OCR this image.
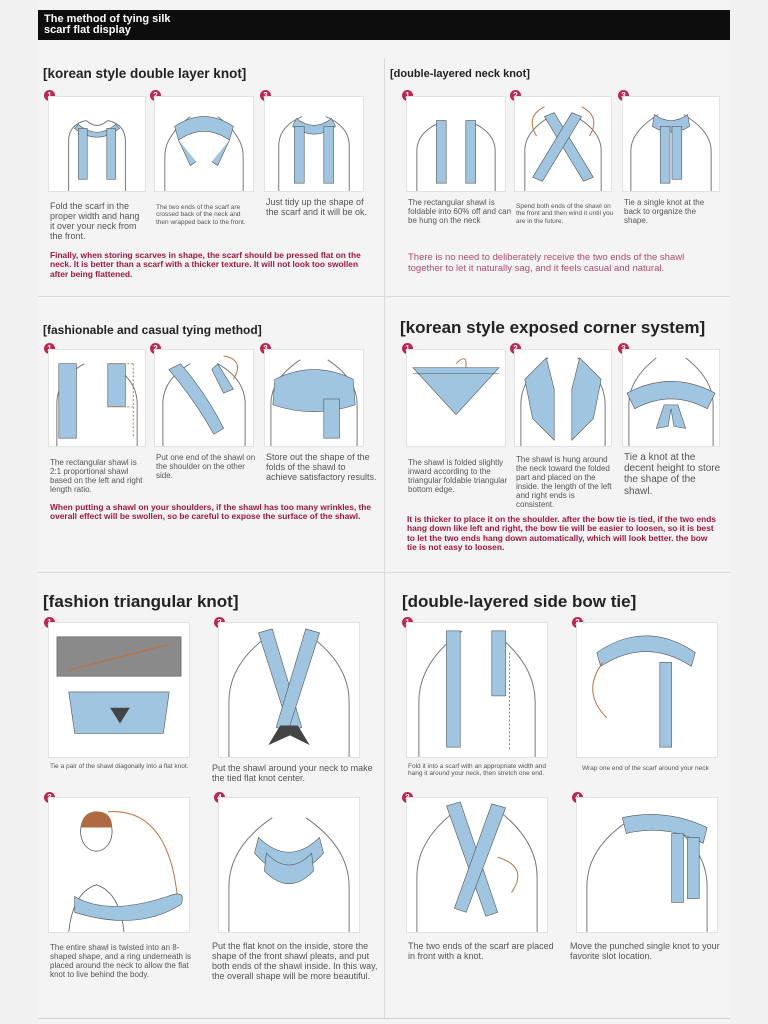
The method of tying silk
scarf flat display
[korean style double layer knot]
Fold the scarf in the proper width and hang it over your neck from the front.
The two ends of the scarf are crossed back of the neck and then wrapped back to the front.
Just tidy up the shape of the scarf and it will be ok.
Finally, when storing scarves in shape, the scarf should be pressed flat on the neck. It is better than a scarf with a thicker texture. It will not look too swollen after being flattened.
[double-layered neck knot]
The rectangular shawl is foldable into 60% off and can be hung on the neck
Spend both ends of the shawl on the front and then wind it until you are in the future.
Tie a single knot at the back to organize the shape.
There is no need to deliberately receive the two ends of the shawl together to let it naturally sag, and it feels casual and natural.
[fashionable and casual tying method]
The rectangular shawl is 2:1 proportional shawl based on the left and right length ratio.
Put one end of the shawl on the shoulder on the other side.
Store out the shape of the folds of the shawl to achieve satisfactory results.
When putting a shawl on your shoulders, if the shawl has too many wrinkles, the overall effect will be swollen, so be careful to expose the surface of the shawl.
[korean style exposed corner system]
The shawl is folded slightly inward according to the triangular foldable triangular bottom edge.
The shawl is hung around the neck toward the folded part and placed on the inside. the length of the left and right ends is consistent.
Tie a knot at the decent height to store the shape of the shawl.
It is thicker to place it on the shoulder. after the bow tie is tied, if the two ends hang down like left and right, the bow tie will be easier to loosen, so it is best to let the two ends hang down automatically, which will look better. the bow tie is not easy to loosen.
[fashion triangular knot]
Tie a pair of the shawl diagonally into a flat knot.	Put the shawl around your neck to make the tied flat knot center.
The entire shawl is twisted into an 8-shaped shape, and a ring underneath is placed around the neck to allow the flat knot to live behind the body.
Put the flat knot on the inside, store the shape of the front shawl pleats, and put both ends of the shawl inside. In this way, the overall shape will be more beautiful.
[double-layered side bow tie]
Fold it into a scarf with an appropriate width and hang it around your neck, then stretch one end.
Wrap one end of the scarf around your neck
The two ends of the scarf are placed in front with a knot.
Move the punched single knot to your favorite slot location.
